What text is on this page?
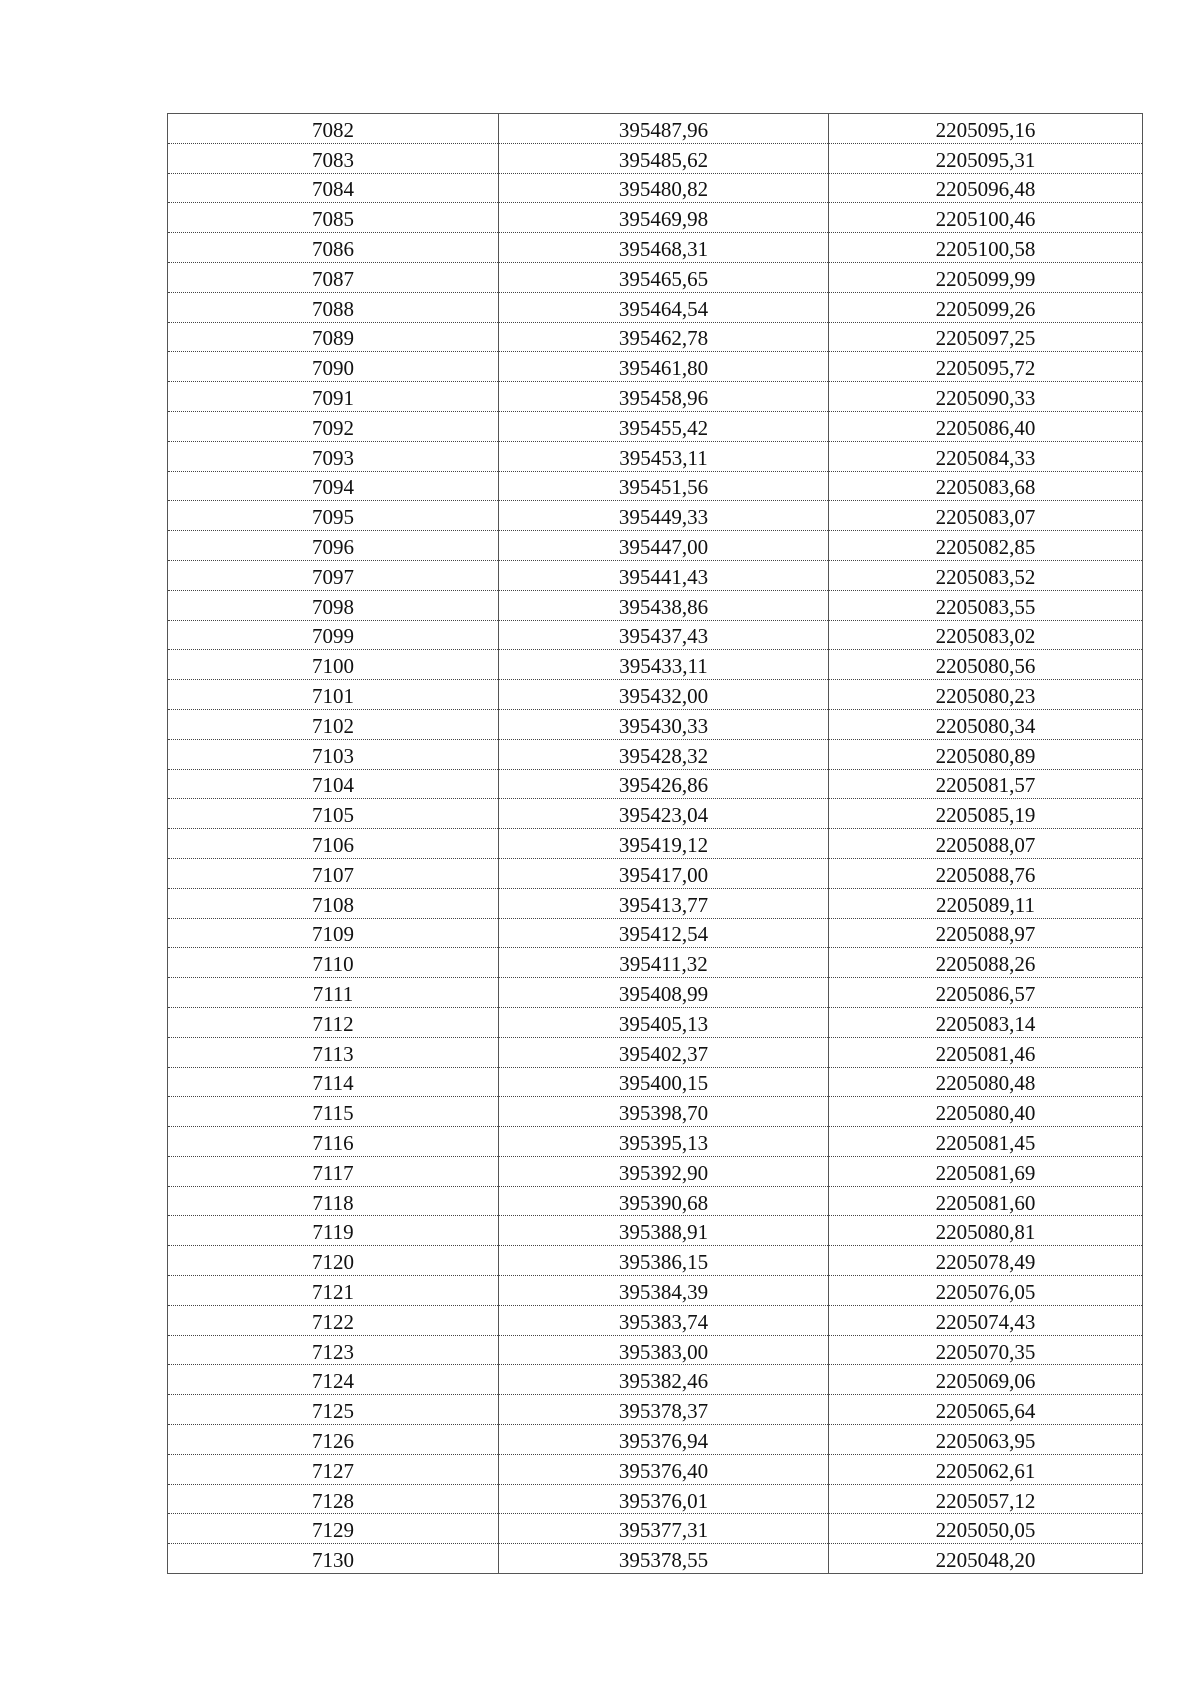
7082	395487,96	2205095,16
7083	395485,62	2205095,31
7084	395480,82	2205096,48
7085	395469,98	2205100,46
7086	395468,31	2205100,58
7087	395465,65	2205099,99
7088	395464,54	2205099,26
7089	395462,78	2205097,25
7090	395461,80	2205095,72
7091	395458,96	2205090,33
7092	395455,42	2205086,40
7093	395453,11	2205084,33
7094	395451,56	2205083,68
7095	395449,33	2205083,07
7096	395447,00	2205082,85
7097	395441,43	2205083,52
7098	395438,86	2205083,55
7099	395437,43	2205083,02
7100	395433,11	2205080,56
7101	395432,00	2205080,23
7102	395430,33	2205080,34
7103	395428,32	2205080,89
7104	395426,86	2205081,57
7105	395423,04	2205085,19
7106	395419,12	2205088,07
7107	395417,00	2205088,76
7108	395413,77	2205089,11
7109	395412,54	2205088,97
7110	395411,32	2205088,26
7111	395408,99	2205086,57
7112	395405,13	2205083,14
7113	395402,37	2205081,46
7114	395400,15	2205080,48
7115	395398,70	2205080,40
7116	395395,13	2205081,45
7117	395392,90	2205081,69
7118	395390,68	2205081,60
7119	395388,91	2205080,81
7120	395386,15	2205078,49
7121	395384,39	2205076,05
7122	395383,74	2205074,43
7123	395383,00	2205070,35
7124	395382,46	2205069,06
7125	395378,37	2205065,64
7126	395376,94	2205063,95
7127	395376,40	2205062,61
7128	395376,01	2205057,12
7129	395377,31	2205050,05
7130	395378,55	2205048,20
